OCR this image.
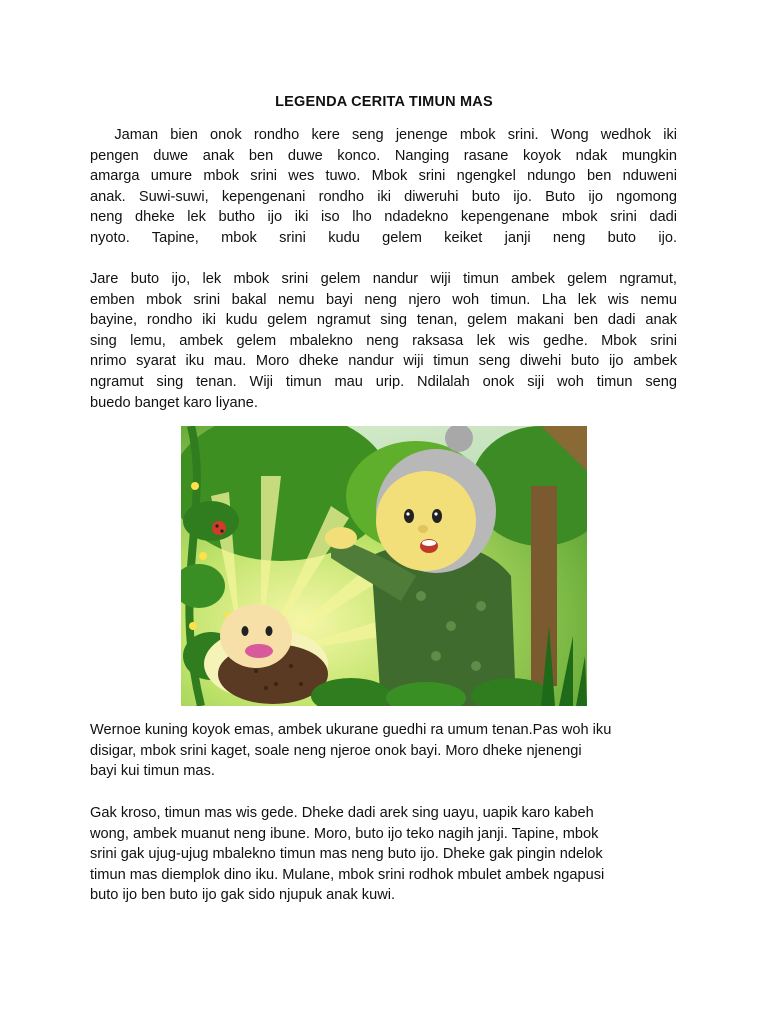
LEGENDA CERITA TIMUN MAS
Jaman bien onok rondho kere seng jenenge mbok srini. Wong wedhok iki
pengen duwe anak ben duwe konco. Nanging rasane koyok ndak mungkin
amarga umure mbok srini wes tuwo. Mbok srini ngengkel ndungo ben nduweni
anak. Suwi-suwi, kepengenani rondho iki diweruhi buto ijo. Buto ijo ngomong
neng dheke lek butho ijo iki iso lho ndadekno kepengenane mbok srini dadi
nyoto. Tapine, mbok srini kudu gelem keiket janji neng buto ijo.
Jare buto ijo, lek mbok srini gelem nandur wiji timun ambek gelem ngramut,
emben mbok srini bakal nemu bayi neng njero woh timun. Lha lek wis nemu
bayine, rondho iki kudu gelem ngramut sing tenan, gelem makani ben dadi anak
sing lemu, ambek gelem mbalekno neng raksasa lek wis gedhe. Mbok srini
nrimo syarat iku mau. Moro dheke nandur wiji timun seng diwehi buto ijo ambek
ngramut sing tenan. Wiji timun mau urip. Ndilalah onok siji woh timun seng
buedo banget karo liyane.
Wernoe kuning koyok emas, ambek ukurane guedhi ra umum tenan.Pas woh iku
disigar, mbok srini kaget, soale neng njeroe onok bayi. Moro dheke njenengi
bayi kui timun mas.
Gak kroso, timun mas wis gede. Dheke dadi arek sing uayu, uapik karo kabeh
wong, ambek muanut neng ibune. Moro, buto ijo teko nagih janji. Tapine, mbok
srini gak ujug-ujug mbalekno timun mas neng buto ijo. Dheke gak pingin ndelok
timun mas diemplok dino iku. Mulane, mbok srini rodhok mbulet ambek ngapusi
buto ijo ben buto ijo gak sido njupuk anak kuwi.
